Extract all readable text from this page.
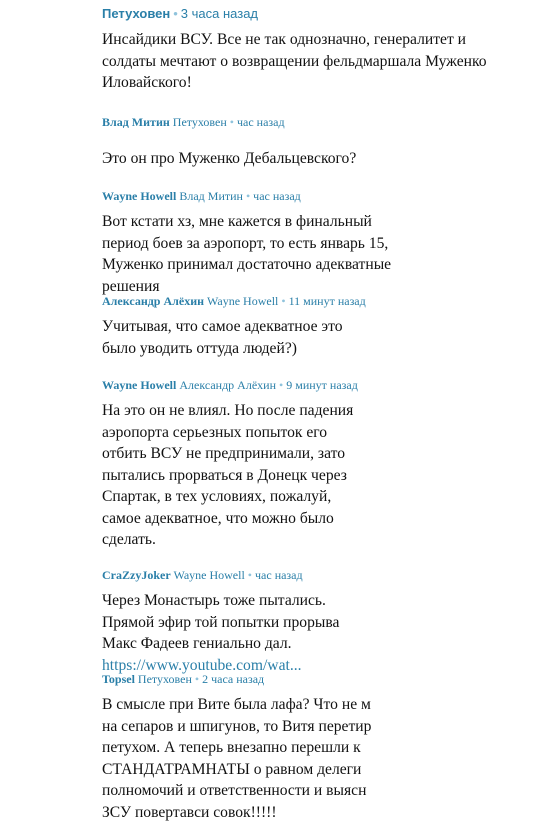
Петуховен • 3 часа назад
Инсайдики ВСУ. Все не так однозначно, генералитет и
солдаты мечтают о возвращении фельдмаршала Муженко
Иловайского!
Влад Митин Петуховен • час назад
Это он про Муженко Дебальцевского?
Wayne Howell Влад Митин • час назад
Вот кстати хз, мне кажется в финальный
период боев за аэропорт, то есть январь 15,
Муженко принимал достаточно адекватные
решения
Александр Алёхин Wayne Howell • 11 минут назад
Учитывая, что самое адекватное это
было уводить оттуда людей?)
Wayne Howell Александр Алёхин • 9 минут назад
На это он не влиял. Но после падения
аэропорта серьезных попыток его
отбить ВСУ не предпринимали, зато
пытались прорваться в Донецк через
Спартак, в тех условиях, пожалуй,
самое адекватное, что можно было
сделать.
CraZzyJoker Wayne Howell • час назад
Через Монастырь тоже пытались.
Прямой эфир той попытки прорыва
Макс Фадеев гениально дал.
https://www.youtube.com/wat...
Topsel Петуховен • 2 часа назад
В смысле при Вите была лафа? Что не м
на сепаров и шпигунов, то Витя перетир
петухом. А теперь внезапно перешли к
СТАНДАТРАМНАТЫ о равном делеги
полномочий и ответственности и выясн
ЗСУ повертавси совок!!!!!
